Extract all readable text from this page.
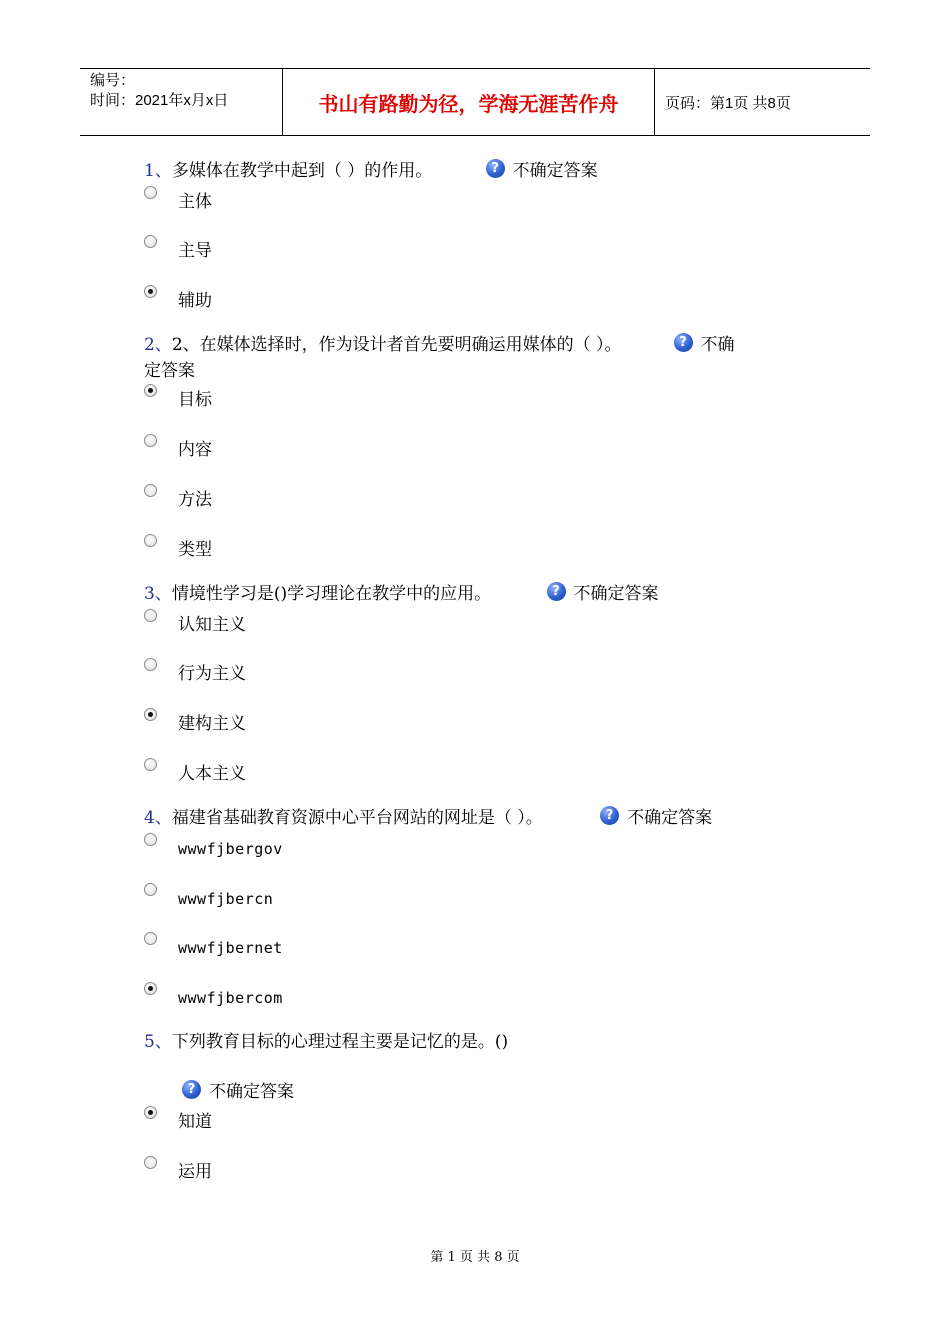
编号：
时间：2021年x月x日	书山有路勤为径，学海无涯苦作舟	页码：第1页 共8页
1、多媒体在教学中起到（ ）的作用。	? 不确定答案
主体
主导
辅助
2、2、在媒体选择时，作为设计者首先要明确运用媒体的（ ）。	? 不确
定答案
目标
内容
方法
类型
3、情境性学习是()学习理论在教学中的应用。	? 不确定答案
认知主义
行为主义
建构主义
人本主义
4、福建省基础教育资源中心平台网站的网址是（ ）。	? 不确定答案
wwwfjbergov
wwwfjbercn
wwwfjbernet
wwwfjbercom
5、下列教育目标的心理过程主要是记忆的是。()
? 不确定答案
知道
运用
第 1 页 共 8 页
